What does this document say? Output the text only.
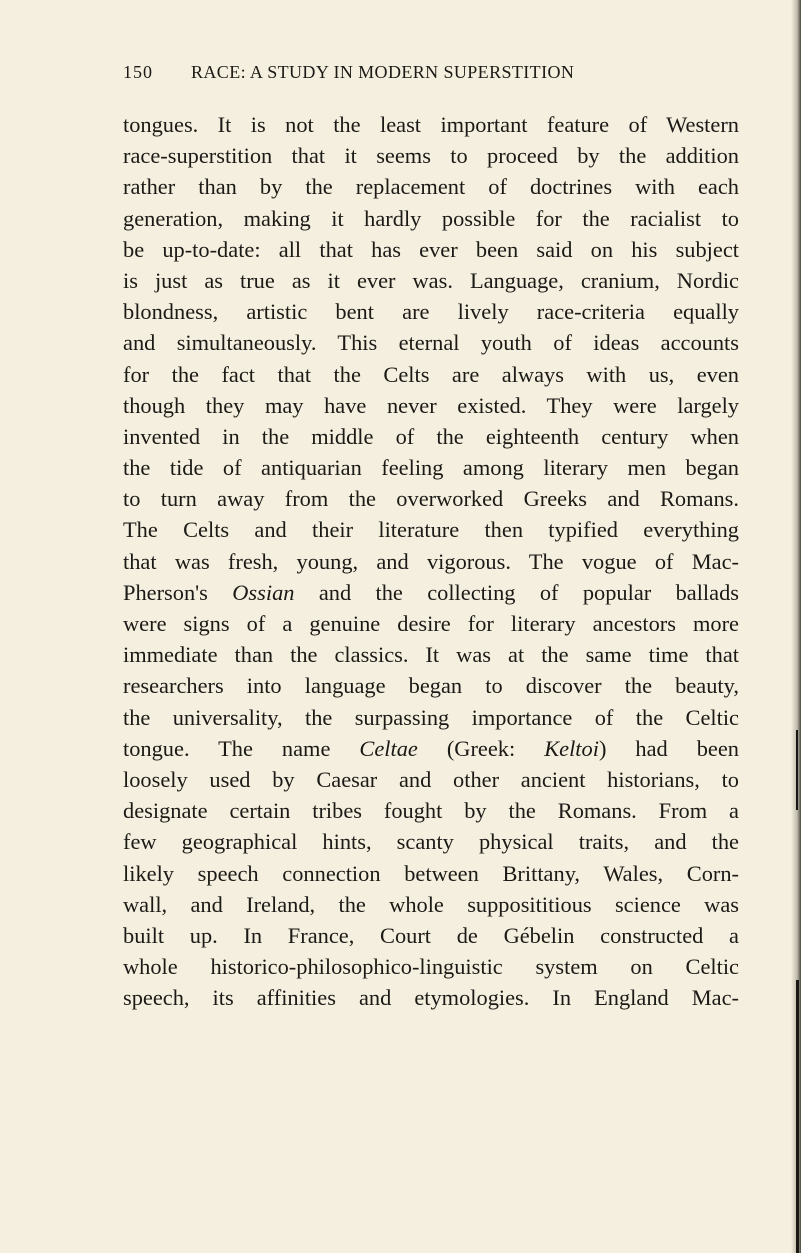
150 RACE: A STUDY IN MODERN SUPERSTITION
tongues. It is not the least important feature of Western
race-superstition that it seems to proceed by the addition
rather than by the replacement of doctrines with each
generation, making it hardly possible for the racialist to
be up-to-date: all that has ever been said on his subject
is just as true as it ever was. Language, cranium, Nordic
blondness, artistic bent are lively race-criteria equally
and simultaneously. This eternal youth of ideas accounts
for the fact that the Celts are always with us, even
though they may have never existed. They were largely
invented in the middle of the eighteenth century when
the tide of antiquarian feeling among literary men began
to turn away from the overworked Greeks and Romans.
The Celts and their literature then typified everything
that was fresh, young, and vigorous. The vogue of Mac-
Pherson's Ossian and the collecting of popular ballads
were signs of a genuine desire for literary ancestors more
immediate than the classics. It was at the same time that
researchers into language began to discover the beauty,
the universality, the surpassing importance of the Celtic
tongue. The name Celtae (Greek: Keltoi) had been
loosely used by Caesar and other ancient historians, to
designate certain tribes fought by the Romans. From a
few geographical hints, scanty physical traits, and the
likely speech connection between Brittany, Wales, Corn-
wall, and Ireland, the whole supposititious science was
built up. In France, Court de Gébelin constructed a
whole historico-philosophico-linguistic system on Celtic
speech, its affinities and etymologies. In England Mac-
